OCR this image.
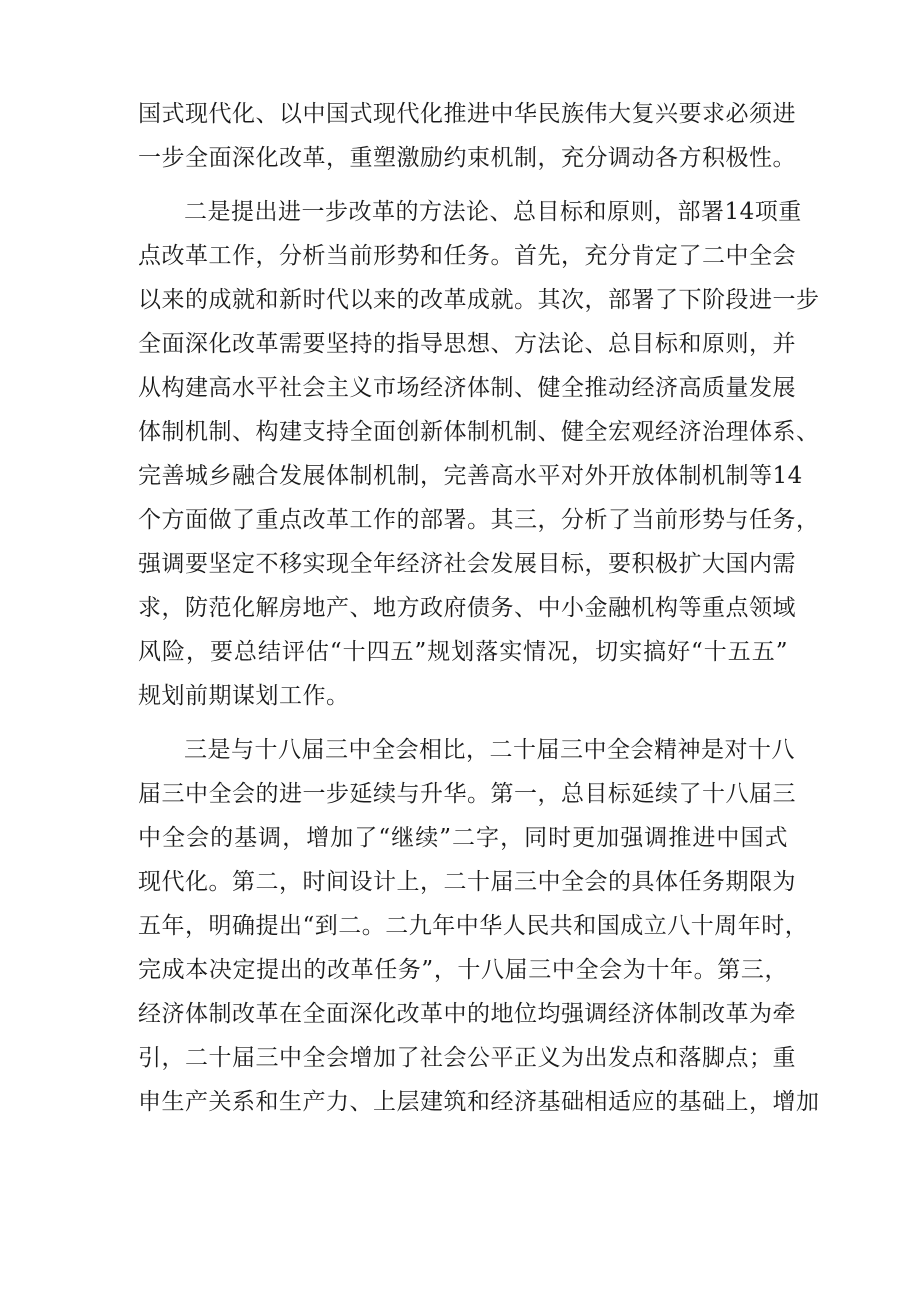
国式现代化、以中国式现代化推进中华民族伟大复兴要求必须进
一步全面深化改革，重塑激励约束机制，充分调动各方积极性。
二是提出进一步改革的方法论、总目标和原则，部署14项重
点改革工作，分析当前形势和任务。首先，充分肯定了二中全会
以来的成就和新时代以来的改革成就。其次，部署了下阶段进一步
全面深化改革需要坚持的指导思想、方法论、总目标和原则，并
从构建高水平社会主义市场经济体制、健全推动经济高质量发展
体制机制、构建支持全面创新体制机制、健全宏观经济治理体系、
完善城乡融合发展体制机制，完善高水平对外开放体制机制等14
个方面做了重点改革工作的部署。其三，分析了当前形势与任务，
强调要坚定不移实现全年经济社会发展目标，要积极扩大国内需
求，防范化解房地产、地方政府债务、中小金融机构等重点领域
风险，要总结评估“十四五”规划落实情况，切实搞好“十五五”
规划前期谋划工作。
三是与十八届三中全会相比，二十届三中全会精神是对十八
届三中全会的进一步延续与升华。第一，总目标延续了十八届三
中全会的基调，增加了“继续”二字，同时更加强调推进中国式
现代化。第二，时间设计上，二十届三中全会的具体任务期限为
五年，明确提出“到二。二九年中华人民共和国成立八十周年时，
完成本决定提出的改革任务”，十八届三中全会为十年。第三，
经济体制改革在全面深化改革中的地位均强调经济体制改革为牵
引，二十届三中全会增加了社会公平正义为出发点和落脚点；重
申生产关系和生产力、上层建筑和经济基础相适应的基础上，增加
